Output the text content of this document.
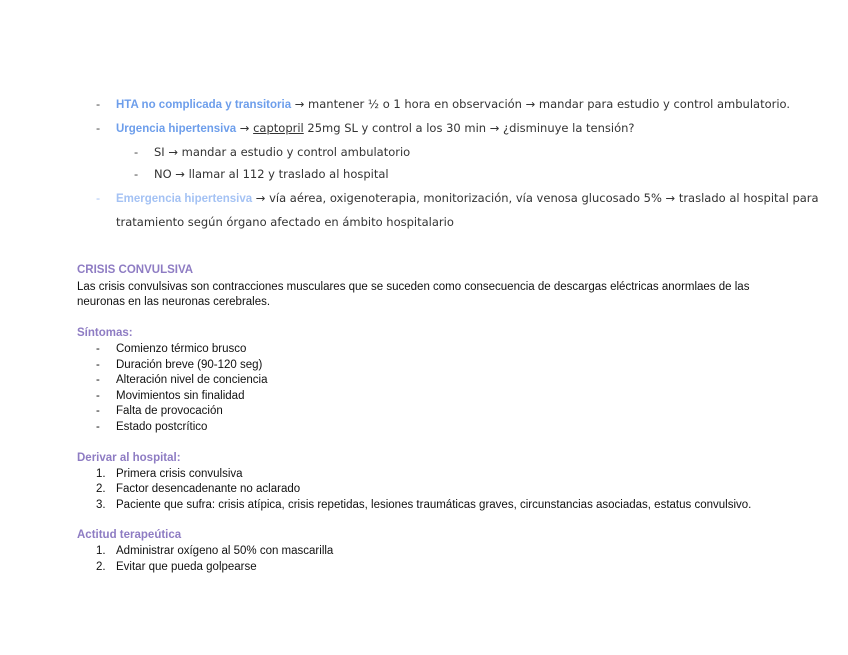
- HTA no complicada y transitoria → mantener ½ o 1 hora en observación → mandar para estudio y control ambulatorio.
- Urgencia hipertensiva → captopril 25mg SL y control a los 30 min → ¿disminuye la tensión?
- SI → mandar a estudio y control ambulatorio
- NO → llamar al 112 y traslado al hospital
- Emergencia hipertensiva → vía aérea, oxigenoterapia, monitorización, vía venosa glucosado 5% → traslado al hospital para
tratamiento según órgano afectado en ámbito hospitalario
CRISIS CONVULSIVA
Las crisis convulsivas son contracciones musculares que se suceden como consecuencia de descargas eléctricas anormlaes de las
neuronas en las neuronas cerebrales.
Síntomas:
- Comienzo térmico brusco
- Duración breve (90-120 seg)
- Alteración nivel de conciencia
- Movimientos sin finalidad
- Falta de provocación
- Estado postcrítico
Derivar al hospital:
1. Primera crisis convulsiva
2. Factor desencadenante no aclarado
3. Paciente que sufra: crisis atípica, crisis repetidas, lesiones traumáticas graves, circunstancias asociadas, estatus convulsivo.
Actitud terapeútica
1. Administrar oxígeno al 50% con mascarilla
2. Evitar que pueda golpearse
